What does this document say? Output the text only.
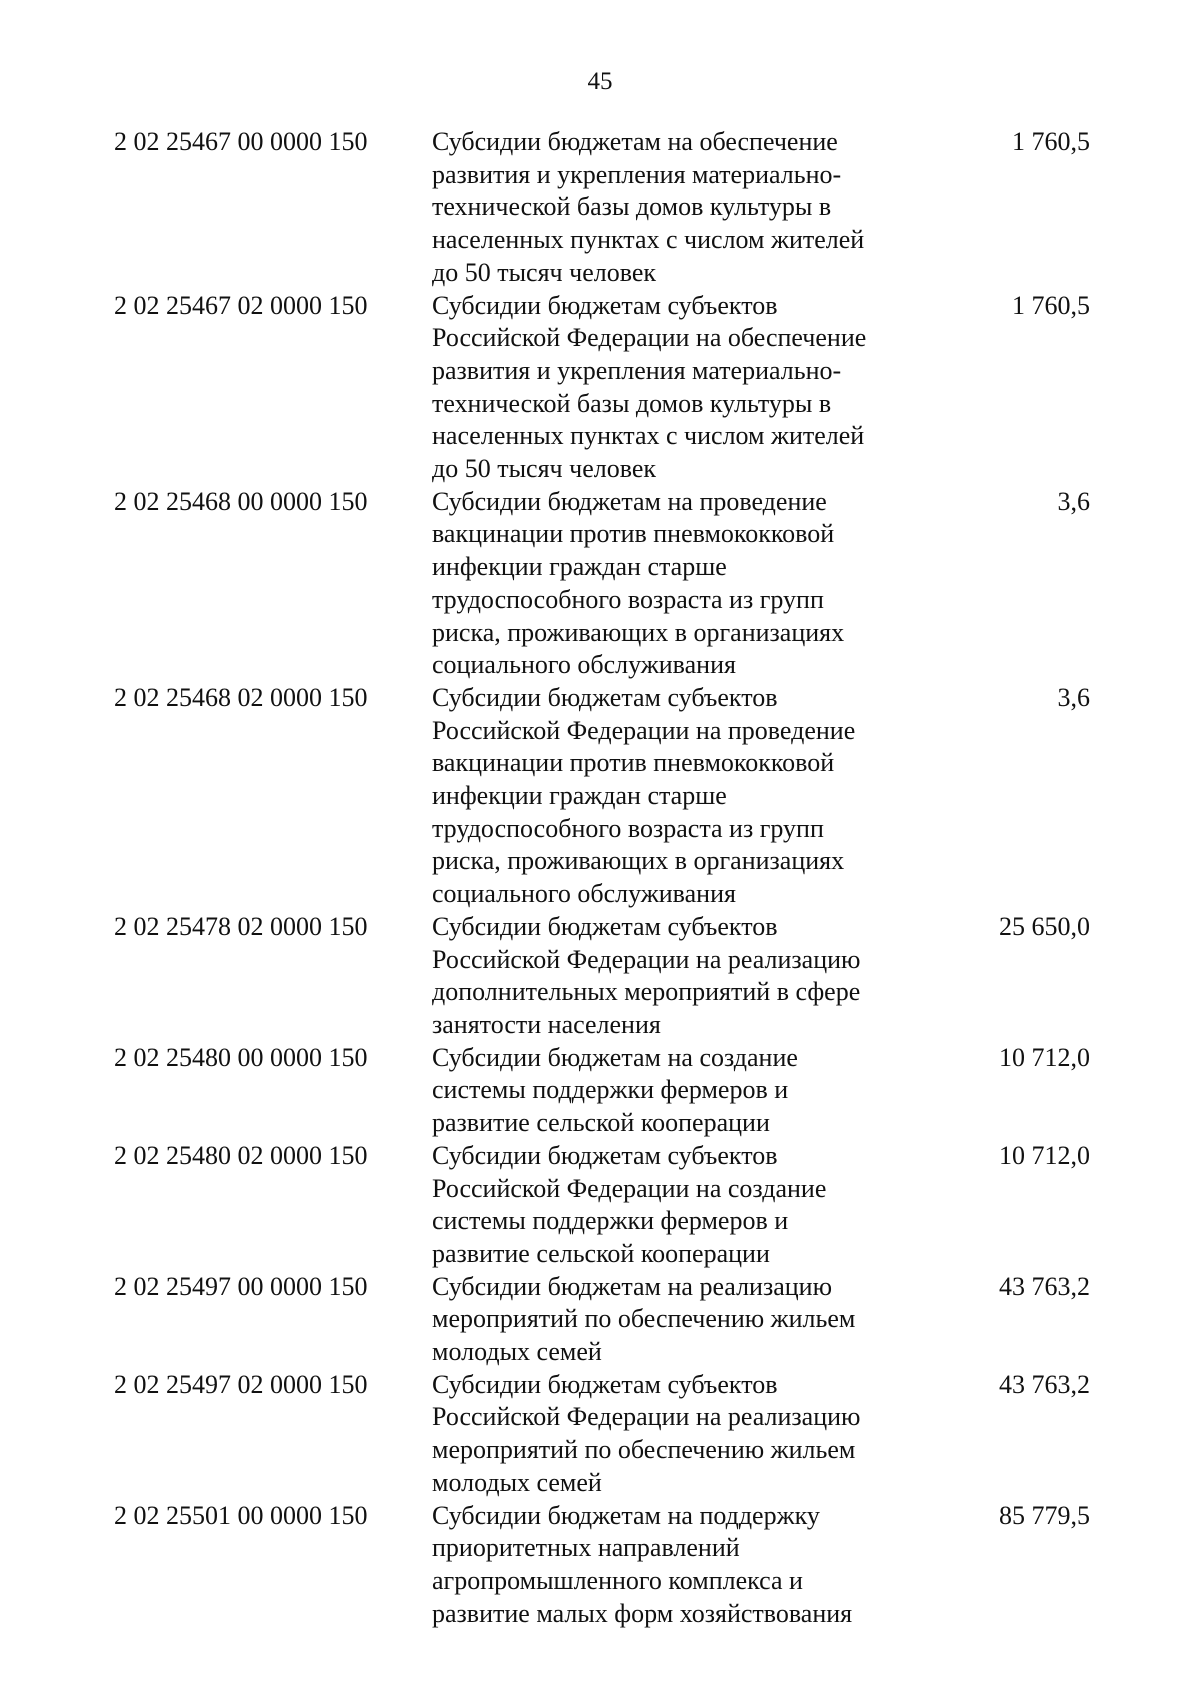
45
2 02 25467 00 0000 150	Субсидии бюджетам на обеспечение
развития и укрепления материально-
технической базы домов культуры в
населенных пунктах с числом жителей
до 50 тысяч человек
1 760,5
2 02 25467 02 0000 150	Субсидии бюджетам субъектов
Российской Федерации на обеспечение
развития и укрепления материально-
технической базы домов культуры в
населенных пунктах с числом жителей
до 50 тысяч человек
1 760,5
2 02 25468 00 0000 150	Субсидии бюджетам на проведение
вакцинации против пневмококковой
инфекции граждан старше
трудоспособного возраста из групп
риска, проживающих в организациях
социального обслуживания
3,6
2 02 25468 02 0000 150	Субсидии бюджетам субъектов
Российской Федерации на проведение
вакцинации против пневмококковой
инфекции граждан старше
трудоспособного возраста из групп
риска, проживающих в организациях
социального обслуживания
3,6
2 02 25478 02 0000 150	Субсидии бюджетам субъектов
Российской Федерации на реализацию
дополнительных мероприятий в сфере
занятости населения
25 650,0
2 02 25480 00 0000 150	Субсидии бюджетам на создание
системы поддержки фермеров и
развитие сельской кооперации
10 712,0
2 02 25480 02 0000 150	Субсидии бюджетам субъектов
Российской Федерации на создание
системы поддержки фермеров и
развитие сельской кооперации
10 712,0
2 02 25497 00 0000 150	Субсидии бюджетам на реализацию
мероприятий по обеспечению жильем
молодых семей
43 763,2
2 02 25497 02 0000 150	Субсидии бюджетам субъектов
Российской Федерации на реализацию
мероприятий по обеспечению жильем
молодых семей
43 763,2
2 02 25501 00 0000 150	Субсидии бюджетам на поддержку
приоритетных направлений
агропромышленного комплекса и
развитие малых форм хозяйствования
85 779,5
